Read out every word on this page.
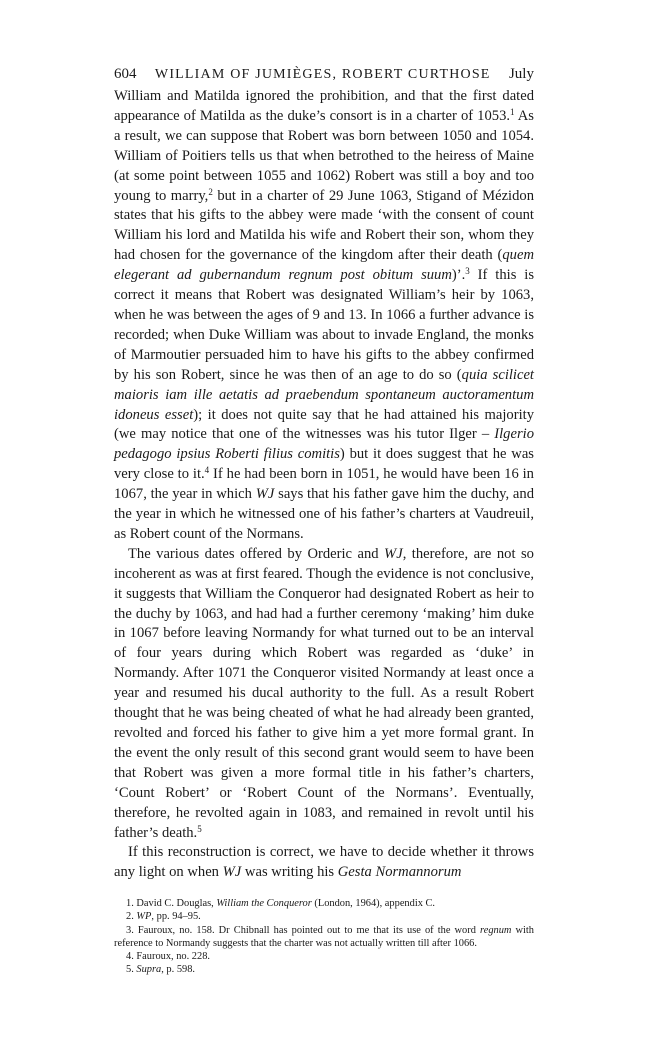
604 WILLIAM OF JUMIÈGES, ROBERT CURTHOSE July

William and Matilda ignored the prohibition, and that the first dated appearance of Matilda as the duke’s consort is in a charter of 1053.$^1$ As a result, we can suppose that Robert was born between 1050 and 1054. William of Poitiers tells us that when betrothed to the heiress of Maine (at some point between 1055 and 1062) Robert was still a boy and too young to marry,$^2$ but in a charter of 29 June 1063, Stigand of Mézidon states that his gifts to the abbey were made ‘with the consent of count William his lord and Matilda his wife and Robert their son, whom they had chosen for the governance of the kingdom after their death (quem elegerant ad gubernandum regnum post obitum suum)’.$^3$ If this is correct it means that Robert was designated William’s heir by 1063, when he was between the ages of 9 and 13. In 1066 a further advance is recorded; when Duke William was about to invade England, the monks of Marmoutier persuaded him to have his gifts to the abbey confirmed by his son Robert, since he was then of an age to do so (quia scilicet maioris iam ille aetatis ad praebendum spontaneum auctoramentum idoneus esset); it does not quite say that he had attained his majority (we may notice that one of the witnesses was his tutor Ilger – Ilgerio pedagogo ipsius Roberti filius comitis) but it does suggest that he was very close to it.$^4$ If he had been born in 1051, he would have been 16 in 1067, the year in which WJ says that his father gave him the duchy, and the year in which he witnessed one of his father’s charters at Vaudreuil, as Robert count of the Normans.

The various dates offered by Orderic and WJ, therefore, are not so incoherent as was at first feared. Though the evidence is not conclusive, it suggests that William the Conqueror had designated Robert as heir to the duchy by 1063, and had had a further ceremony ‘making’ him duke in 1067 before leaving Normandy for what turned out to be an interval of four years during which Robert was regarded as ‘duke’ in Normandy. After 1071 the Conqueror visited Normandy at least once a year and resumed his ducal authority to the full. As a result Robert thought that he was being cheated of what he had already been granted, revolted and forced his father to give him a yet more formal grant. In the event the only result of this second grant would seem to have been that Robert was given a more formal title in his father’s charters, ‘Count Robert’ or ‘Robert Count of the Normans’. Eventually, therefore, he revolted again in 1083, and remained in revolt until his father’s death.$^5$

If this reconstruction is correct, we have to decide whether it throws any light on when WJ was writing his Gesta Normannorum

1. David C. Douglas, William the Conqueror (London, 1964), appendix C.

2. WP, pp. 94–95.

3. Fauroux, no. 158. Dr Chibnall has pointed out to me that its use of the word regnum with reference to Normandy suggests that the charter was not actually written till after 1066.

4. Fauroux, no. 228.

5. Supra, p. 598.
